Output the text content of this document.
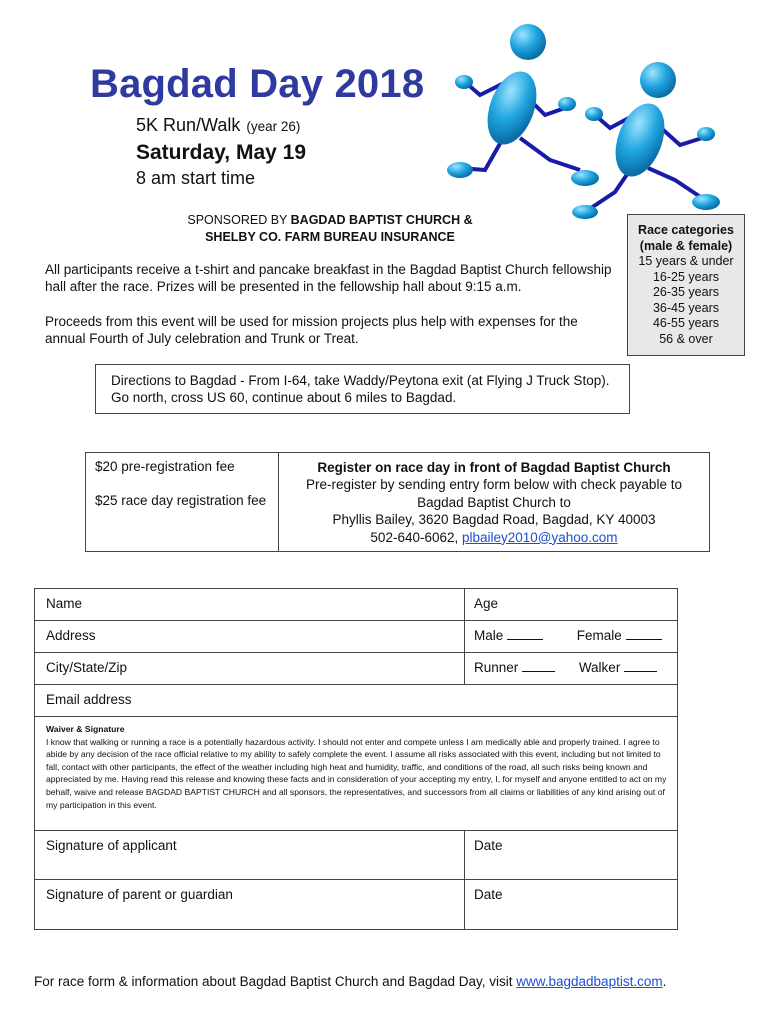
Bagdad Day 2018
5K Run/Walk (year 26)
Saturday, May 19
8 am start time
SPONSORED BY BAGDAD BAPTIST CHURCH &
SHELBY CO. FARM BUREAU INSURANCE
All participants receive a t-shirt and pancake breakfast in the Bagdad Baptist Church fellowship hall after the race. Prizes will be presented in the fellowship hall about 9:15 a.m.
Proceeds from this event will be used for mission projects plus help with expenses for the annual Fourth of July celebration and Trunk or Treat.
Race categories
(male & female)
15 years & under
16-25 years
26-35 years
36-45 years
46-55 years
56 & over
Directions to Bagdad - From I-64, take Waddy/Peytona exit (at Flying J Truck Stop).
Go north, cross US 60, continue about 6 miles to Bagdad.
$20 pre-registration fee
$25 race day registration fee
Register on race day in front of Bagdad Baptist Church
Pre-register by sending entry form below with check payable to
Bagdad Baptist Church to
Phyllis Bailey, 3620 Bagdad Road, Bagdad, KY 40003
502-640-6062, plbailey2010@yahoo.com
Name	Age
Address	Male	Female
City/State/Zip	Runner	Walker
Email address
Waiver & Signature
I know that walking or running a race is a potentially hazardous activity. I should not enter and compete unless I am medically able and properly trained. I agree to abide by any decision of the race official relative to my ability to safely complete the event. I assume all risks associated with this event, including but not limited to fall, contact with other participants, the effect of the weather including high heat and humidity, traffic, and conditions of the road, all such risks being known and appreciated by me. Having read this release and knowing these facts and in consideration of your accepting my entry, I, for myself and anyone entitled to act on my behalf, waive and release BAGDAD BAPTIST CHURCH and all sponsors, the representatives, and successors from all claims or liabilities of any kind arising out of my participation in this event.
Signature of applicant	Date
Signature of parent or guardian	Date
For race form & information about Bagdad Baptist Church and Bagdad Day, visit www.bagdadbaptist.com.
